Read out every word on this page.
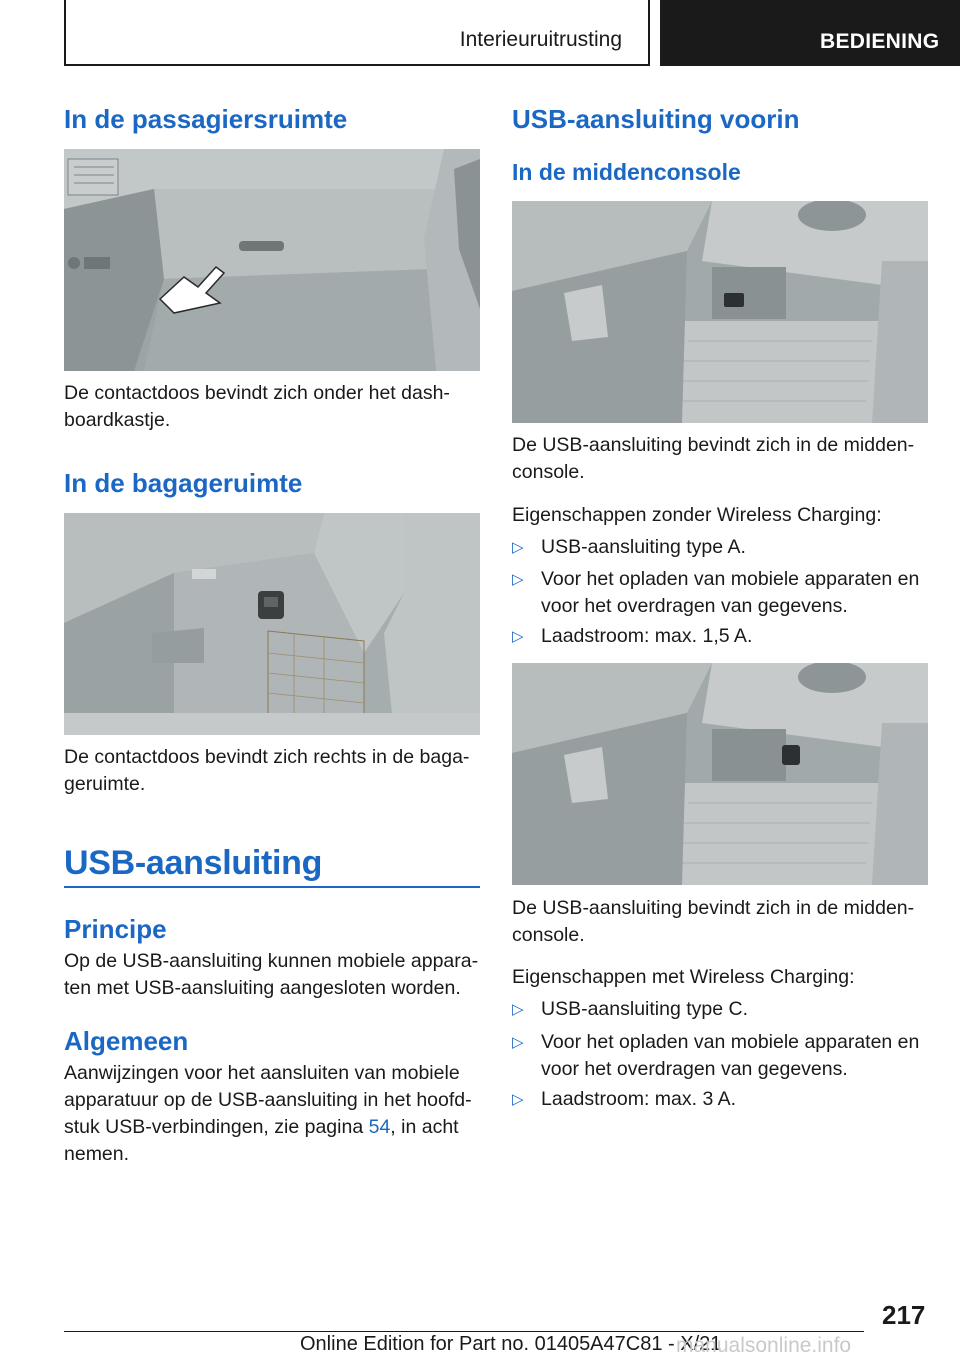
Interieuruitrusting	BEDIENING
In de passagiersruimte
De contactdoos bevindt zich onder het dash‐
boardkastje.
In de bagageruimte
De contactdoos bevindt zich rechts in de baga‐
geruimte.
USB-aansluiting
Principe
Op de USB-aansluiting kunnen mobiele appara‐
ten met USB-aansluiting aangesloten worden.
Algemeen
Aanwijzingen voor het aansluiten van mobiele
apparatuur op de USB-aansluiting in het hoofd‐
stuk USB-verbindingen, zie pagina 54, in acht
nemen.
USB-aansluiting voorin
In de middenconsole
De USB-aansluiting bevindt zich in de midden‐
console.
Eigenschappen zonder Wireless Charging:
▷ USB-aansluiting type A.
▷ Voor het opladen van mobiele apparaten en
voor het overdragen van gegevens.
▷ Laadstroom: max. 1,5 A.
De USB-aansluiting bevindt zich in de midden‐
console.
Eigenschappen met Wireless Charging:
▷ USB-aansluiting type C.
▷ Voor het opladen van mobiele apparaten en
voor het overdragen van gegevens.
▷ Laadstroom: max. 3 A.
217
Online Edition for Part no. 01405A47C81 - X/21
manualsonline.info
